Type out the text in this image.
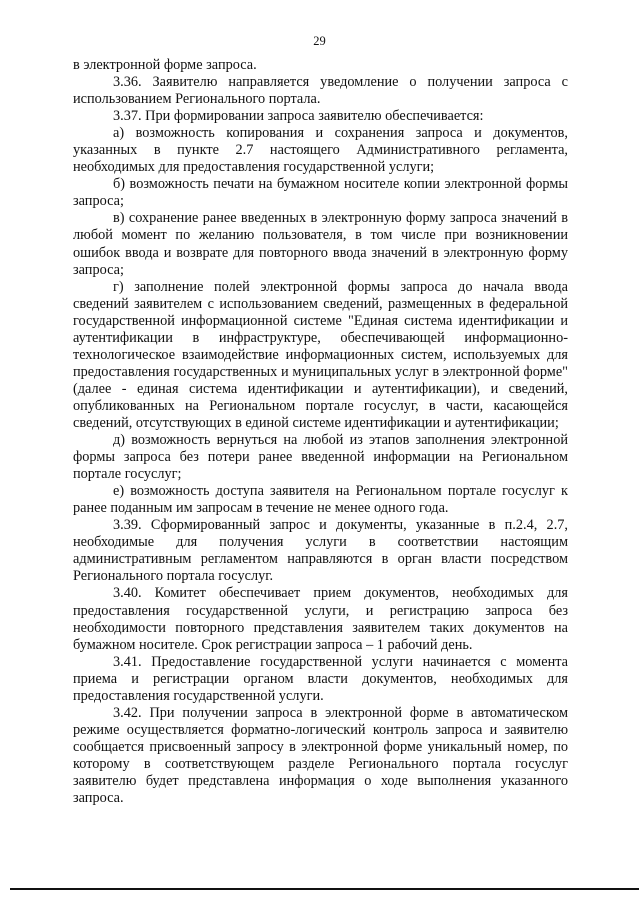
29

в электронной форме запроса.

3.36. Заявителю направляется уведомление о получении запроса с использованием Регионального портала.

3.37. При формировании запроса заявителю обеспечивается:

а) возможность копирования и сохранения запроса и документов, указанных в пункте 2.7 настоящего Административного регламента, необходимых для предоставления государственной услуги;

б) возможность печати на бумажном носителе копии электронной формы запроса;

в) сохранение ранее введенных в электронную форму запроса значений в любой момент по желанию пользователя, в том числе при возникновении ошибок ввода и возврате для повторного ввода значений в электронную форму запроса;

г) заполнение полей электронной формы запроса до начала ввода сведений заявителем с использованием сведений, размещенных в федеральной государственной информационной системе "Единая система идентификации и аутентификации в инфраструктуре, обеспечивающей информационно-технологическое взаимодействие информационных систем, используемых для предоставления государственных и муниципальных услуг в электронной форме" (далее - единая система идентификации и аутентификации), и сведений, опубликованных на Региональном портале госуслуг, в части, касающейся сведений, отсутствующих в единой системе идентификации и аутентификации;

д) возможность вернуться на любой из этапов заполнения электронной формы запроса без потери ранее введенной информации на Региональном портале госуслуг;

е) возможность доступа заявителя на Региональном портале госуслуг к ранее поданным им запросам в течение не менее одного года.

3.39. Сформированный запрос и документы, указанные в п.2.4, 2.7, необходимые для получения услуги в соответствии настоящим административным регламентом направляются в орган власти посредством Регионального портала госуслуг.

3.40. Комитет обеспечивает прием документов, необходимых для предоставления государственной услуги, и регистрацию запроса без необходимости повторного представления заявителем таких документов на бумажном носителе. Срок регистрации запроса – 1 рабочий день.

3.41. Предоставление государственной услуги начинается с момента приема и регистрации органом власти документов, необходимых для предоставления государственной услуги.

3.42. При получении запроса в электронной форме в автоматическом режиме осуществляется форматно-логический контроль запроса и заявителю сообщается присвоенный запросу в электронной форме уникальный номер, по которому в соответствующем разделе Регионального портала госуслуг заявителю будет представлена информация о ходе выполнения указанного запроса.
